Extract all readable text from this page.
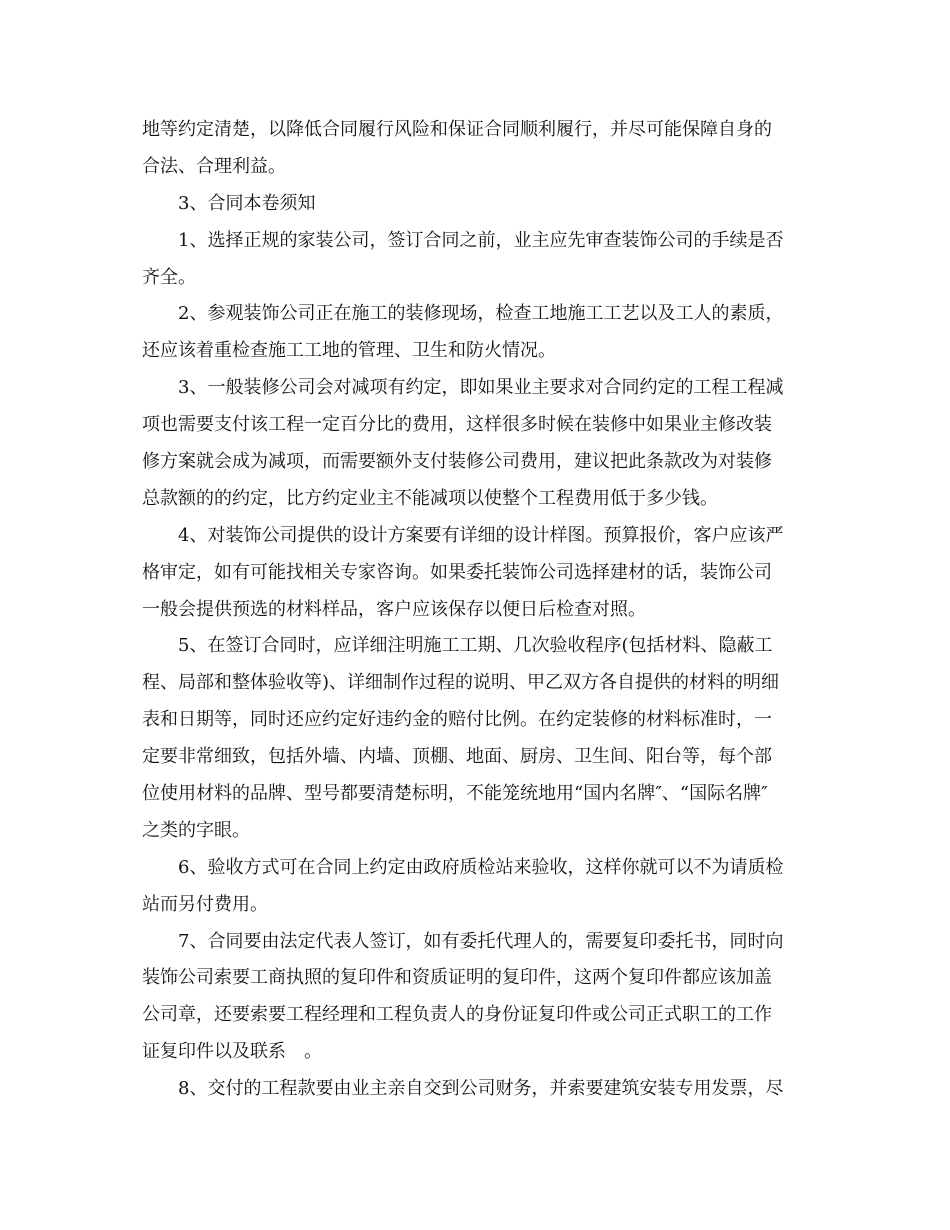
地等约定清楚，以降低合同履行风险和保证合同顺利履行，并尽可能保障自身的
合法、合理利益。
3、合同本卷须知
1、选择正规的家装公司，签订合同之前，业主应先审查装饰公司的手续是否
齐全。
2、参观装饰公司正在施工的装修现场，检查工地施工工艺以及工人的素质，
还应该着重检查施工工地的管理、卫生和防火情况。
3、一般装修公司会对减项有约定，即如果业主要求对合同约定的工程工程减
项也需要支付该工程一定百分比的费用，这样很多时候在装修中如果业主修改装
修方案就会成为减项，而需要额外支付装修公司费用，建议把此条款改为对装修
总款额的的约定，比方约定业主不能减项以使整个工程费用低于多少钱。
4、对装饰公司提供的设计方案要有详细的设计样图。预算报价，客户应该严
格审定，如有可能找相关专家咨询。如果委托装饰公司选择建材的话，装饰公司
一般会提供预选的材料样品，客户应该保存以便日后检查对照。
5、在签订合同时，应详细注明施工工期、几次验收程序(包括材料、隐蔽工
程、局部和整体验收等)、详细制作过程的说明、甲乙双方各自提供的材料的明细
表和日期等，同时还应约定好违约金的赔付比例。在约定装修的材料标准时，一
定要非常细致，包括外墙、内墙、顶棚、地面、厨房、卫生间、阳台等，每个部
位使用材料的品牌、型号都要清楚标明，不能笼统地用“国内名牌″、“国际名牌″
之类的字眼。
6、验收方式可在合同上约定由政府质检站来验收，这样你就可以不为请质检
站而另付费用。
7、合同要由法定代表人签订，如有委托代理人的，需要复印委托书，同时向
装饰公司索要工商执照的复印件和资质证明的复印件，这两个复印件都应该加盖
公司章，还要索要工程经理和工程负责人的身份证复印件或公司正式职工的工作
证复印件以及联系　。
8、交付的工程款要由业主亲自交到公司财务，并索要建筑安装专用发票，尽
